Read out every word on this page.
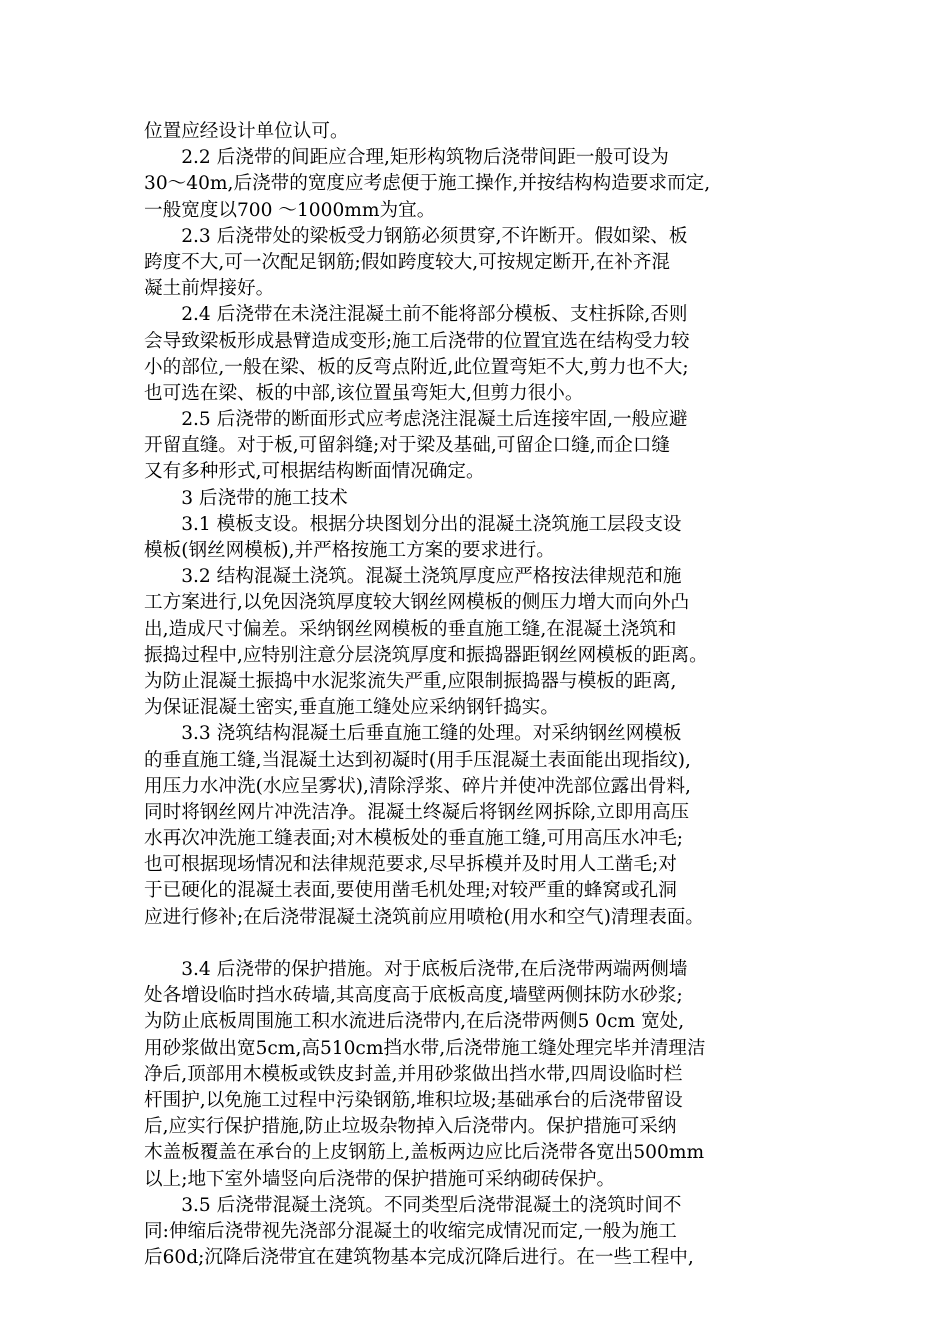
位置应经设计单位认可。
　　2.2 后浇带的间距应合理,矩形构筑物后浇带间距一般可设为
30～40m,后浇带的宽度应考虑便于施工操作,并按结构构造要求而定,
一般宽度以700 ～1000mm为宜。
　　2.3 后浇带处的梁板受力钢筋必须贯穿,不许断开。假如梁、板
跨度不大,可一次配足钢筋;假如跨度较大,可按规定断开,在补齐混
凝土前焊接好。
　　2.4 后浇带在未浇注混凝土前不能将部分模板、支柱拆除,否则
会导致梁板形成悬臂造成变形;施工后浇带的位置宜选在结构受力较
小的部位,一般在梁、板的反弯点附近,此位置弯矩不大,剪力也不大;
也可选在梁、板的中部,该位置虽弯矩大,但剪力很小。
　　2.5 后浇带的断面形式应考虑浇注混凝土后连接牢固,一般应避
开留直缝。对于板,可留斜缝;对于梁及基础,可留企口缝,而企口缝
又有多种形式,可根据结构断面情况确定。
　　3 后浇带的施工技术
　　3.1 模板支设。根据分块图划分出的混凝土浇筑施工层段支设
模板(钢丝网模板),并严格按施工方案的要求进行。
　　3.2 结构混凝土浇筑。混凝土浇筑厚度应严格按法律规范和施
工方案进行,以免因浇筑厚度较大钢丝网模板的侧压力增大而向外凸
出,造成尺寸偏差。采纳钢丝网模板的垂直施工缝,在混凝土浇筑和
振捣过程中,应特别注意分层浇筑厚度和振捣器距钢丝网模板的距离。
为防止混凝土振捣中水泥浆流失严重,应限制振捣器与模板的距离,
为保证混凝土密实,垂直施工缝处应采纳钢钎捣实。
　　3.3 浇筑结构混凝土后垂直施工缝的处理。对采纳钢丝网模板
的垂直施工缝,当混凝土达到初凝时(用手压混凝土表面能出现指纹),
用压力水冲洗(水应呈雾状),清除浮浆、碎片并使冲洗部位露出骨料,
同时将钢丝网片冲洗洁净。混凝土终凝后将钢丝网拆除,立即用高压
水再次冲洗施工缝表面;对木模板处的垂直施工缝,可用高压水冲毛;
也可根据现场情况和法律规范要求,尽早拆模并及时用人工凿毛;对
于已硬化的混凝土表面,要使用凿毛机处理;对较严重的蜂窝或孔洞
应进行修补;在后浇带混凝土浇筑前应用喷枪(用水和空气)清理表面。
　　3.4 后浇带的保护措施。对于底板后浇带,在后浇带两端两侧墙
处各增设临时挡水砖墙,其高度高于底板高度,墙壁两侧抹防水砂浆;
为防止底板周围施工积水流进后浇带内,在后浇带两侧5 0cm 宽处,
用砂浆做出宽5cm,高510cm挡水带,后浇带施工缝处理完毕并清理洁
净后,顶部用木模板或铁皮封盖,并用砂浆做出挡水带,四周设临时栏
杆围护,以免施工过程中污染钢筋,堆积垃圾;基础承台的后浇带留设
后,应实行保护措施,防止垃圾杂物掉入后浇带内。保护措施可采纳
木盖板覆盖在承台的上皮钢筋上,盖板两边应比后浇带各宽出500mm
以上;地下室外墙竖向后浇带的保护措施可采纳砌砖保护。
　　3.5 后浇带混凝土浇筑。不同类型后浇带混凝土的浇筑时间不
同:伸缩后浇带视先浇部分混凝土的收缩完成情况而定,一般为施工
后60d;沉降后浇带宜在建筑物基本完成沉降后进行。在一些工程中,
